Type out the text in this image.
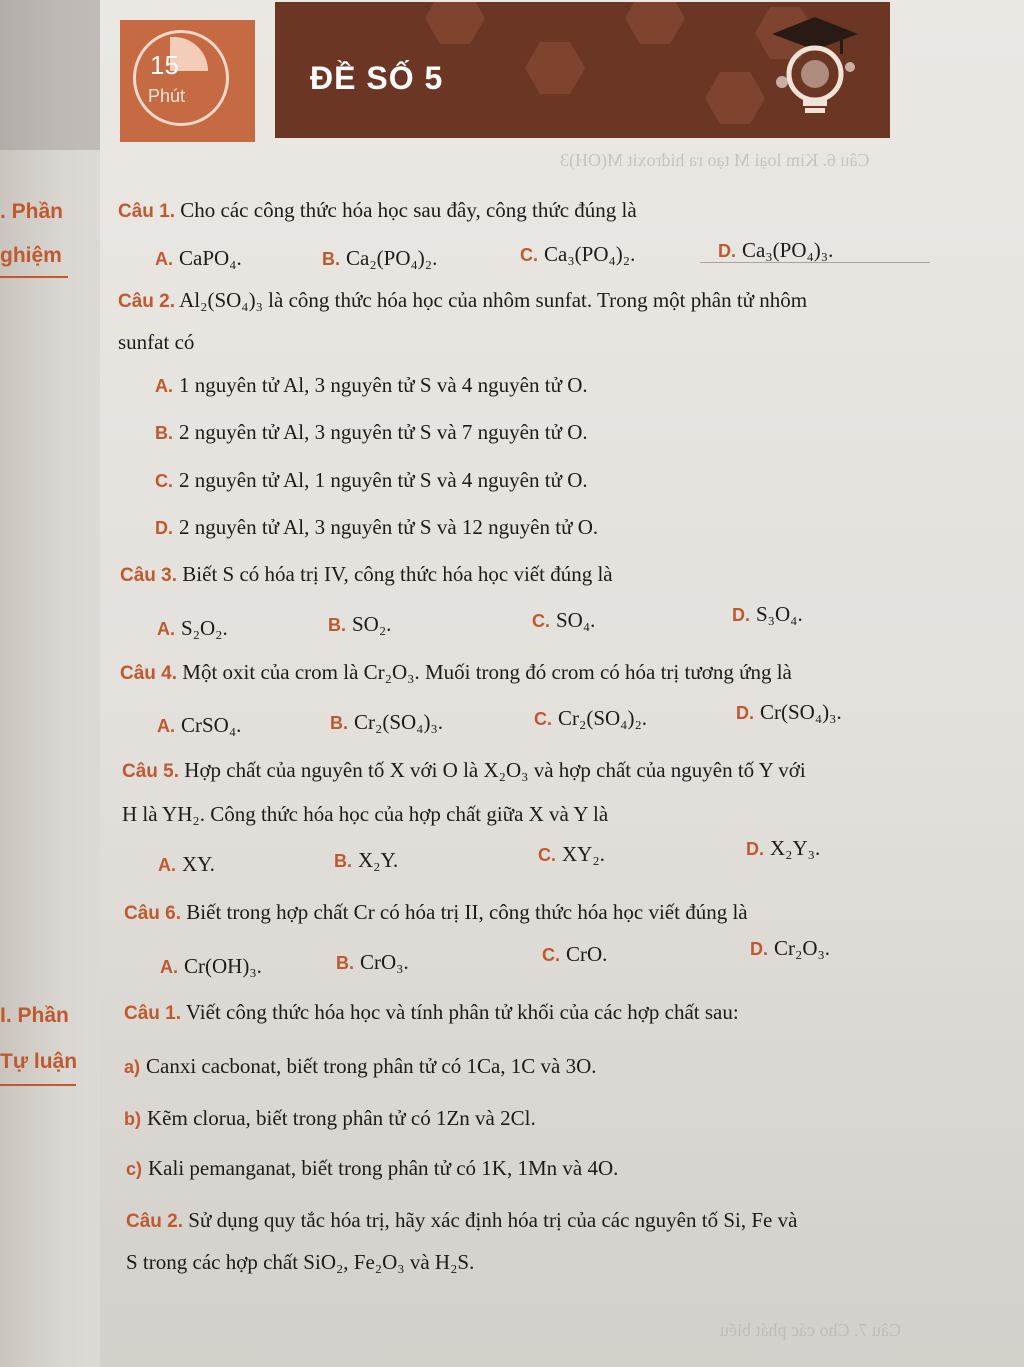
Câu 6. Kim loại M tạo ra hiđroxit M(OH)3
Câu 7. Cho các phát biểu
15
Phút	ĐỀ SỐ 5
. Phần
ghiệm
I. Phần
Tự luận
Câu 1. Cho các công thức hóa học sau đây, công thức đúng là
A. CaPO₄.	B. Ca₂(PO₄)₂.	C. Ca₃(PO₄)₂.	D. Ca₃(PO₄)₃.
Câu 2. Al₂(SO₄)₃ là công thức hóa học của nhôm sunfat. Trong một phân tử nhôm
sunfat có
A. 1 nguyên tử Al, 3 nguyên tử S và 4 nguyên tử O.
B. 2 nguyên tử Al, 3 nguyên tử S và 7 nguyên tử O.
C. 2 nguyên tử Al, 1 nguyên tử S và 4 nguyên tử O.
D. 2 nguyên tử Al, 3 nguyên tử S và 12 nguyên tử O.
Câu 3. Biết S có hóa trị IV, công thức hóa học viết đúng là
A. S₂O₂.	B. SO₂.	C. SO₄.	D. S₃O₄.
Câu 4. Một oxit của crom là Cr₂O₃. Muối trong đó crom có hóa trị tương ứng là
A. CrSO₄.	B. Cr₂(SO₄)₃.	C. Cr₂(SO₄)₂.	D. Cr(SO₄)₃.
Câu 5. Hợp chất của nguyên tố X với O là X₂O₃ và hợp chất của nguyên tố Y với
H là YH₂. Công thức hóa học của hợp chất giữa X và Y là
A. XY.	B. X₂Y.	C. XY₂.	D. X₂Y₃.
Câu 6. Biết trong hợp chất Cr có hóa trị II, công thức hóa học viết đúng là
A. Cr(OH)₃.	B. CrO₃.	C. CrO.	D. Cr₂O₃.
Câu 1. Viết công thức hóa học và tính phân tử khối của các hợp chất sau:
a) Canxi cacbonat, biết trong phân tử có 1Ca, 1C và 3O.
b) Kẽm clorua, biết trong phân tử có 1Zn và 2Cl.
c) Kali pemanganat, biết trong phân tử có 1K, 1Mn và 4O.
Câu 2. Sử dụng quy tắc hóa trị, hãy xác định hóa trị của các nguyên tố Si, Fe và
S trong các hợp chất SiO₂, Fe₂O₃ và H₂S.
